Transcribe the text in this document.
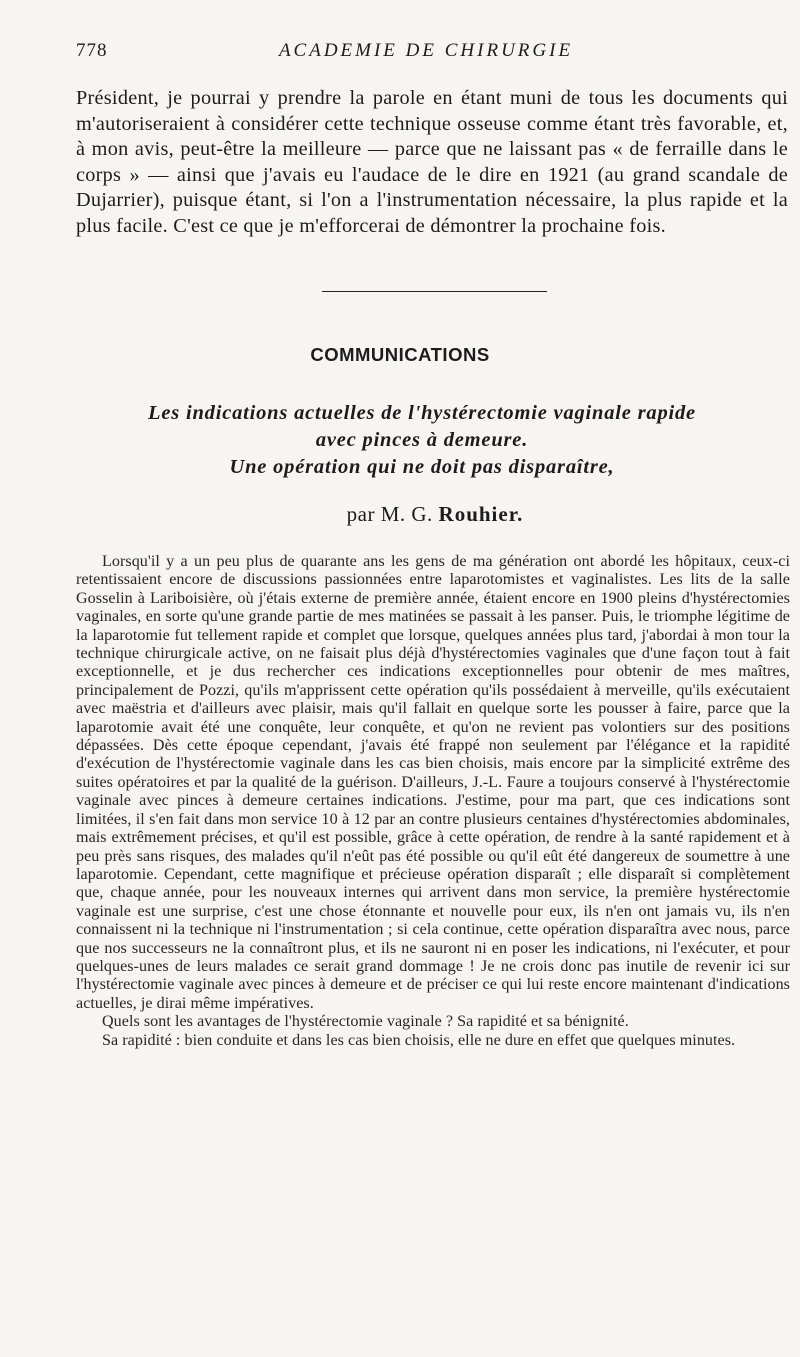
778	ACADEMIE DE CHIRURGIE

Président, je pourrai y prendre la parole en étant muni de tous les documents qui m'autoriseraient à considérer cette technique osseuse comme étant très favorable, et, à mon avis, peut-être la meilleure — parce que ne laissant pas « de ferraille dans le corps » — ainsi que j'avais eu l'audace de le dire en 1921 (au grand scandale de Dujarrier), puisque étant, si l'on a l'instrumentation nécessaire, la plus rapide et la plus facile. C'est ce que je m'efforcerai de démontrer la prochaine fois.

COMMUNICATIONS
Les indications actuelles de l'hystérectomie vaginale rapide
avec pinces à demeure.
Une opération qui ne doit pas disparaître,
par M. G. Rouhier.

Lorsqu'il y a un peu plus de quarante ans les gens de ma génération ont abordé les hôpitaux, ceux-ci retentissaient encore de discussions passionnées entre laparotomistes et vaginalistes. Les lits de la salle Gosselin à Lariboisière, où j'étais externe de première année, étaient encore en 1900 pleins d'hystérectomies vaginales, en sorte qu'une grande partie de mes matinées se passait à les panser. Puis, le triomphe légitime de la laparotomie fut tellement rapide et complet que lorsque, quelques années plus tard, j'abordai à mon tour la technique chirurgicale active, on ne faisait plus déjà d'hystérectomies vaginales que d'une façon tout à fait exceptionnelle, et je dus rechercher ces indications exceptionnelles pour obtenir de mes maîtres, principalement de Pozzi, qu'ils m'apprissent cette opération qu'ils possédaient à merveille, qu'ils exécutaient avec maëstria et d'ailleurs avec plaisir, mais qu'il fallait en quelque sorte les pousser à faire, parce que la laparotomie avait été une conquête, leur conquête, et qu'on ne revient pas volontiers sur des positions dépassées. Dès cette époque cependant, j'avais été frappé non seulement par l'élégance et la rapidité d'exécution de l'hystérectomie vaginale dans les cas bien choisis, mais encore par la simplicité extrême des suites opératoires et par la qualité de la guérison. D'ailleurs, J.-L. Faure a toujours conservé à l'hystérectomie vaginale avec pinces à demeure certaines indications. J'estime, pour ma part, que ces indications sont limitées, il s'en fait dans mon service 10 à 12 par an contre plusieurs centaines d'hystérectomies abdominales, mais extrêmement précises, et qu'il est possible, grâce à cette opération, de rendre à la santé rapidement et à peu près sans risques, des malades qu'il n'eût pas été possible ou qu'il eût été dangereux de soumettre à une laparotomie. Cependant, cette magnifique et précieuse opération disparaît ; elle disparaît si complètement que, chaque année, pour les nouveaux internes qui arrivent dans mon service, la première hystérectomie vaginale est une surprise, c'est une chose étonnante et nouvelle pour eux, ils n'en ont jamais vu, ils n'en connaissent ni la technique ni l'instrumentation ; si cela continue, cette opération disparaîtra avec nous, parce que nos successeurs ne la connaîtront plus, et ils ne sauront ni en poser les indications, ni l'exécuter, et pour quelques-unes de leurs malades ce serait grand dommage ! Je ne crois donc pas inutile de revenir ici sur l'hystérectomie vaginale avec pinces à demeure et de préciser ce qui lui reste encore maintenant d'indications actuelles, je dirai même impératives.

Quels sont les avantages de l'hystérectomie vaginale ? Sa rapidité et sa bénignité.

Sa rapidité : bien conduite et dans les cas bien choisis, elle ne dure en effet que quelques minutes.
